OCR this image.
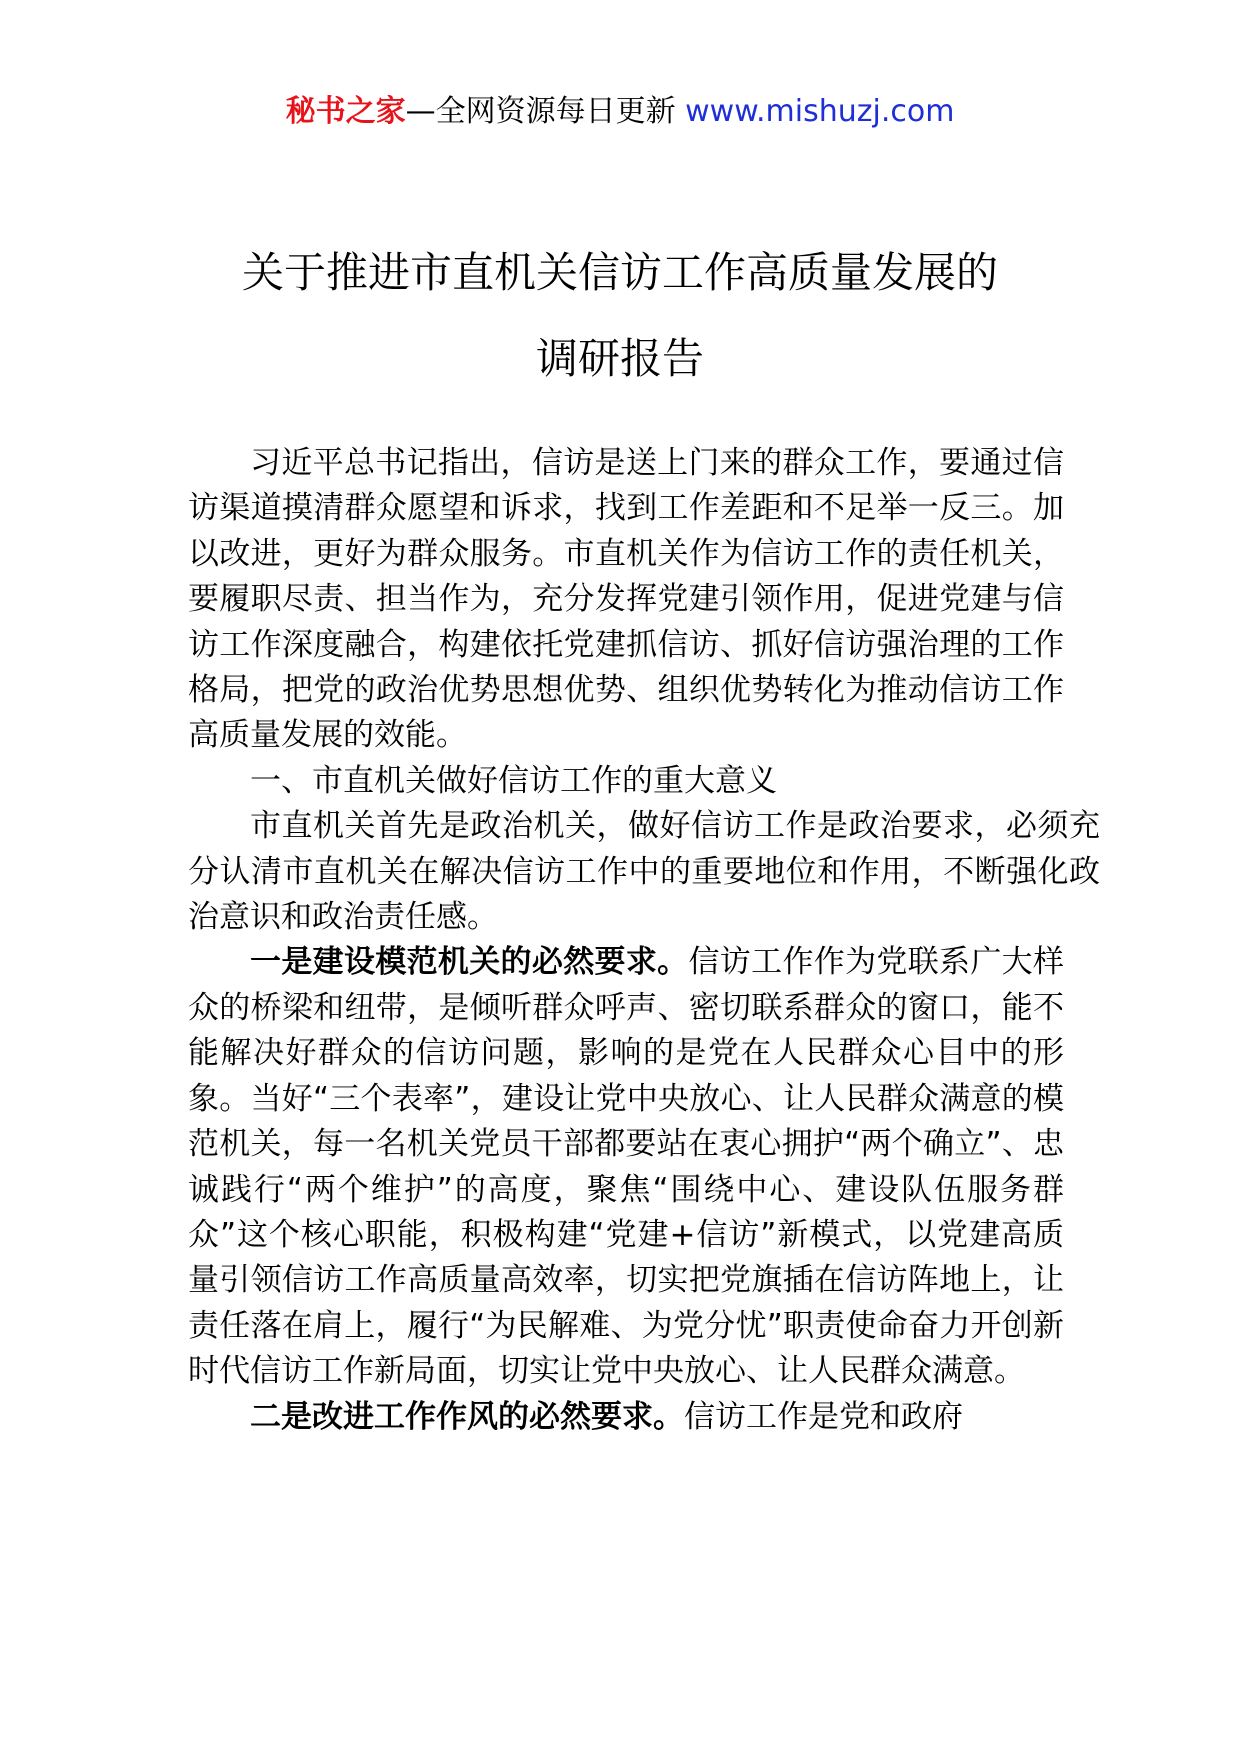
秘书之家—全网资源每日更新 www.mishuzj.com
关于推进市直机关信访工作高质量发展的
调研报告

习近平总书记指出，信访是送上门来的群众工作，要通过信访渠道摸清群众愿望和诉求，找到工作差距和不足举一反三。加以改进，更好为群众服务。市直机关作为信访工作的责任机关，要履职尽责、担当作为，充分发挥党建引领作用，促进党建与信访工作深度融合，构建依托党建抓信访、抓好信访强治理的工作格局，把党的政治优势思想优势、组织优势转化为推动信访工作高质量发展的效能。

一、市直机关做好信访工作的重大意义

市直机关首先是政治机关，做好信访工作是政治要求，必须充分认清市直机关在解决信访工作中的重要地位和作用，不断强化政治意识和政治责任感。

一是建设模范机关的必然要求。信访工作作为党联系广大样众的桥梁和纽带，是倾听群众呼声、密切联系群众的窗口，能不能解决好群众的信访问题，影响的是党在人民群众心目中的形象。当好“三个表率”，建设让党中央放心、让人民群众满意的模范机关，每一名机关党员干部都要站在衷心拥护“两个确立”、忠诚践行“两个维护”的高度，聚焦“围绕中心、建设队伍服务群众”这个核心职能，积极构建“党建+信访”新模式，以党建高质量引领信访工作高质量高效率，切实把党旗插在信访阵地上，让责任落在肩上，履行“为民解难、为党分忧”职责使命奋力开创新时代信访工作新局面，切实让党中央放心、让人民群众满意。

二是改进工作作风的必然要求。信访工作是党和政府
